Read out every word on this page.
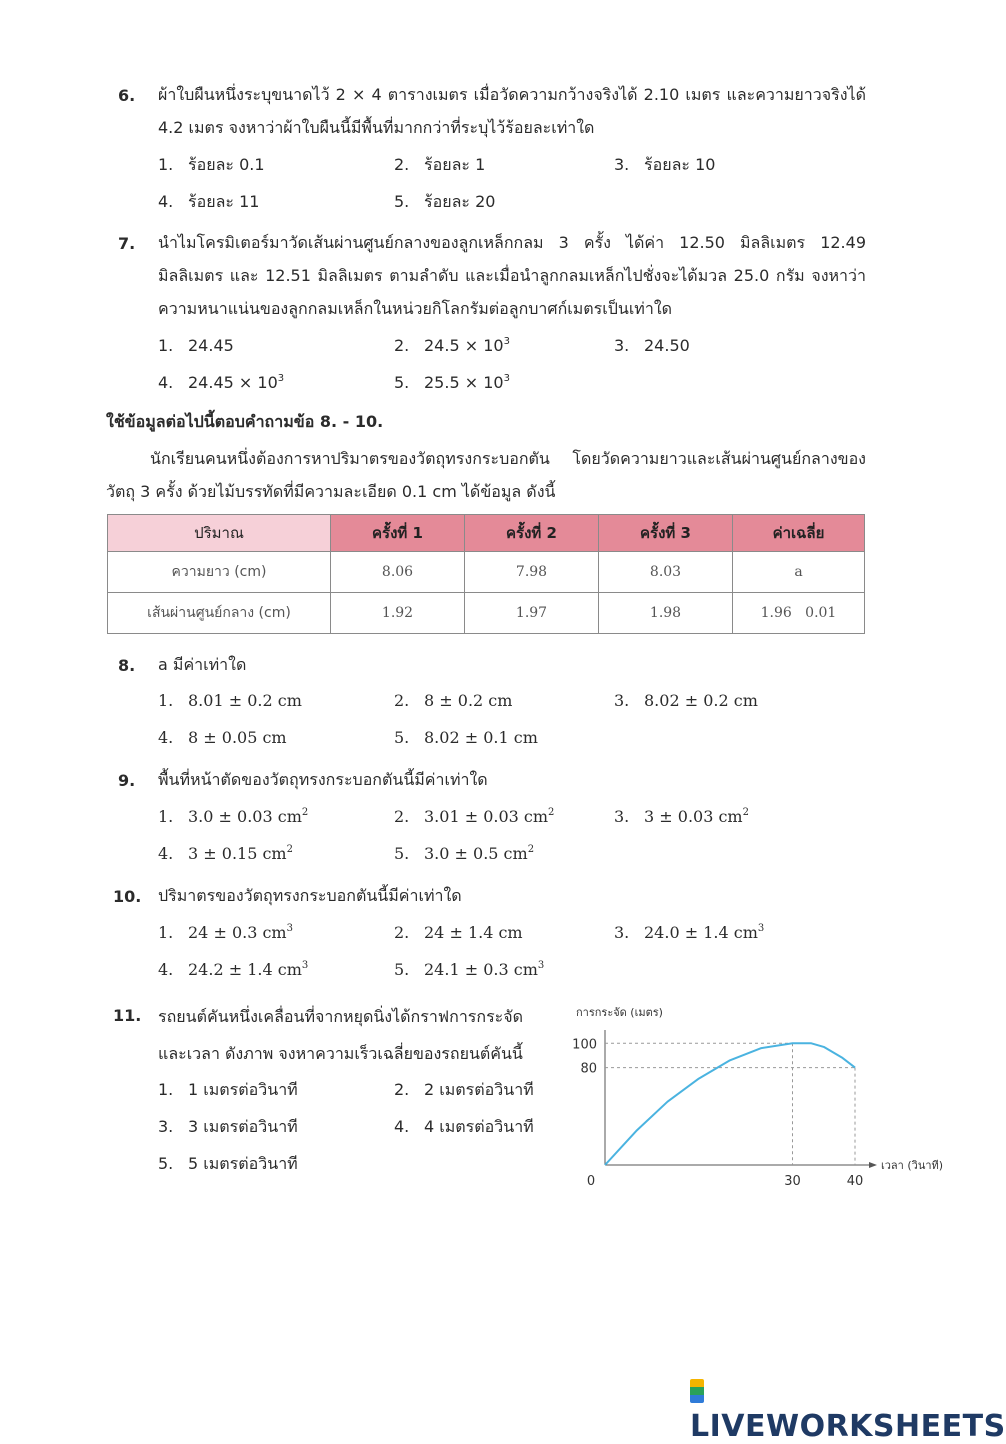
6. ผ้าใบผืนหนึ่งระบุขนาดไว้ 2 × 4 ตารางเมตร เมื่อวัดความกว้างจริงได้ 2.10 เมตร และความยาวจริงได้ 4.2 เมตร จงหาว่าผ้าใบผืนนี้มีพื้นที่มากกว่าที่ระบุไว้ร้อยละเท่าใด
1. ร้อยละ 0.1	2. ร้อยละ 1	3. ร้อยละ 10
4. ร้อยละ 11	5. ร้อยละ 20
7. นำไมโครมิเตอร์มาวัดเส้นผ่านศูนย์กลางของลูกเหล็กกลม 3 ครั้ง ได้ค่า 12.50 มิลลิเมตร 12.49 มิลลิเมตร และ 12.51 มิลลิเมตร ตามลำดับ และเมื่อนำลูกกลมเหล็กไปชั่งจะได้มวล 25.0 กรัม จงหาว่าความหนาแน่นของลูกกลมเหล็กในหน่วยกิโลกรัมต่อลูกบาศก์เมตรเป็นเท่าใด
1. 24.45	2. $24.5 \times 10^3$	3. 24.50
4. $24.45 \times 10^3$	5. $25.5 \times 10^3$
ใช้ข้อมูลต่อไปนี้ตอบคำถามข้อ 8. - 10.
นักเรียนคนหนึ่งต้องการหาปริมาตรของวัตถุทรงกระบอกตัน โดยวัดความยาวและเส้นผ่านศูนย์กลางของวัตถุ 3 ครั้ง ด้วยไม้บรรทัดที่มีความละเอียด 0.1 cm ได้ข้อมูล ดังนี้
ปริมาณ	ครั้งที่ 1	ครั้งที่ 2	ครั้งที่ 3	ค่าเฉลี่ย
ความยาว (cm)	8.06	7.98	8.03	a
เส้นผ่านศูนย์กลาง (cm)	1.92	1.97	1.98	1.96   0.01
8. a มีค่าเท่าใด
1. 8.01 ± 0.2 cm	2. 8 ± 0.2 cm	3. 8.02 ± 0.2 cm
4. 8 ± 0.05 cm	5. 8.02 ± 0.1 cm
9. พื้นที่หน้าตัดของวัตถุทรงกระบอกตันนี้มีค่าเท่าใด
1. 3.0 ± 0.03 $cm^2$	2. 3.01 ± 0.03 $cm^2$	3. 3 ± 0.03 $cm^2$
4. 3 ± 0.15 $cm^2$	5. 3.0 ± 0.5 $cm^2$
10. ปริมาตรของวัตถุทรงกระบอกตันนี้มีค่าเท่าใด
1. 24 ± 0.3 $cm^3$	2. 24 ± 1.4 cm	3. 24.0 ± 1.4 $cm^3$
4. 24.2 ± 1.4 $cm^3$	5. 24.1 ± 0.3 $cm^3$
11. รถยนต์คันหนึ่งเคลื่อนที่จากหยุดนิ่งได้กราฟการกระจัด
และเวลา ดังภาพ จงหาความเร็วเฉลี่ยของรถยนต์คันนี้
1. 1 เมตรต่อวินาที	2. 2 เมตรต่อวินาที
3. 3 เมตรต่อวินาที	4. 4 เมตรต่อวินาที
5. 5 เมตรต่อวินาที
การกระจัด (เมตร)
เวลา (วินาที)
0	30	40
80
100
LIVEWORKSHEETS
